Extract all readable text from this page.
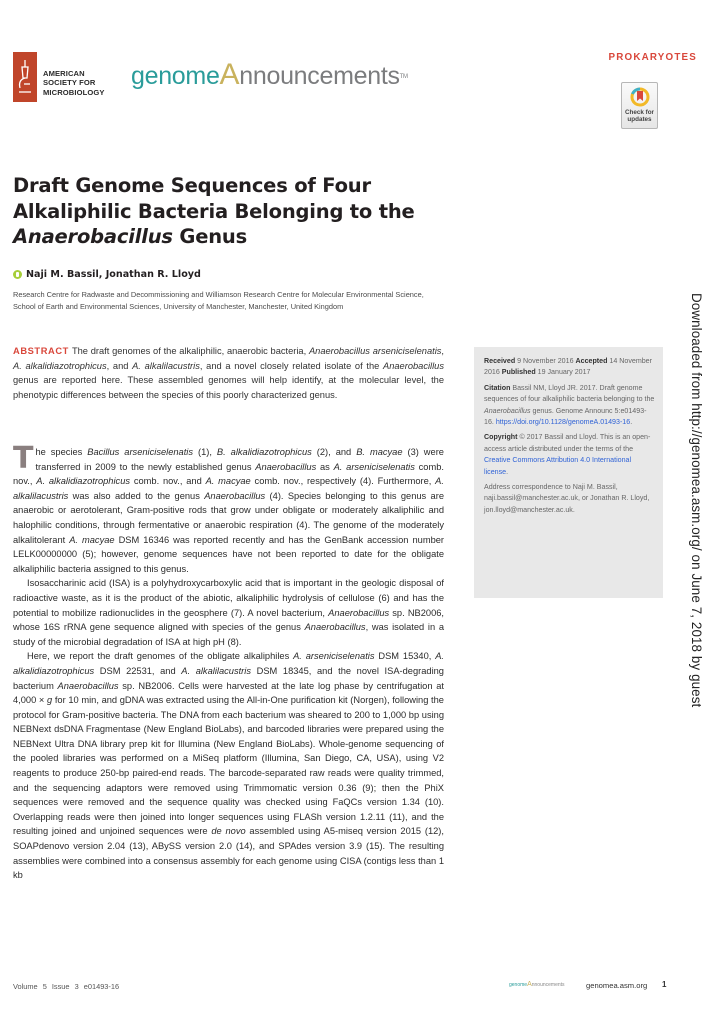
AMERICAN
SOCIETY FOR
MICROBIOLOGY
genomeAnnouncements™
PROKARYOTES
Check for
updates
Draft Genome Sequences of Four
Alkaliphilic Bacteria Belonging to the
Anaerobacillus Genus
Naji M. Bassil, Jonathan R. Lloyd
Research Centre for Radwaste and Decommissioning and Williamson Research Centre for Molecular Environmental Science, School of Earth and Environmental Sciences, University of Manchester, Manchester, United Kingdom
ABSTRACT The draft genomes of the alkaliphilic, anaerobic bacteria, Anaerobacillus arseniciselenatis, A. alkalidiazotrophicus, and A. alkalilacustris, and a novel closely related isolate of the Anaerobacillus genus are reported here. These assembled genomes will help identify, at the molecular level, the phenotypic differences between the species of this poorly characterized genus.

Received 9 November 2016 Accepted 14 November 2016 Published 19 January 2017

Citation Bassil NM, Lloyd JR. 2017. Draft genome sequences of four alkaliphilic bacteria belonging to the Anaerobacillus genus. Genome Announc 5:e01493-16. https://doi.org/10.1128/genomeA.01493-16.

Copyright © 2017 Bassil and Lloyd. This is an open-access article distributed under the terms of the Creative Commons Attribution 4.0 International license.

Address correspondence to Naji M. Bassil, naji.bassil@manchester.ac.uk, or Jonathan R. Lloyd, jon.lloyd@manchester.ac.uk.

The species Bacillus arseniciselenatis (1), B. alkalidiazotrophicus (2), and B. macyae (3) were transferred in 2009 to the newly established genus Anaerobacillus as A. arseniciselenatis comb. nov., A. alkalidiazotrophicus comb. nov., and A. macyae comb. nov., respectively (4). Furthermore, A. alkalilacustris was also added to the genus Anaerobacillus (4). Species belonging to this genus are anaerobic or aerotolerant, Gram-positive rods that grow under obligate or moderately alkaliphilic and halophilic conditions, through fermentative or anaerobic respiration (4). The genome of the moderately alkalitolerant A. macyae DSM 16346 was reported recently and has the GenBank accession number LELK00000000 (5); however, genome sequences have not been reported to date for the obligate alkaliphilic bacteria assigned to this genus.

Isosaccharinic acid (ISA) is a polyhydroxycarboxylic acid that is important in the geologic disposal of radioactive waste, as it is the product of the abiotic, alkaliphilic hydrolysis of cellulose (6) and has the potential to mobilize radionuclides in the geosphere (7). A novel bacterium, Anaerobacillus sp. NB2006, whose 16S rRNA gene sequence aligned with species of the genus Anaerobacillus, was isolated in a study of the microbial degradation of ISA at high pH (8).

Here, we report the draft genomes of the obligate alkaliphiles A. arseniciselenatis DSM 15340, A. alkalidiazotrophicus DSM 22531, and A. alkalilacustris DSM 18345, and the novel ISA-degrading bacterium Anaerobacillus sp. NB2006. Cells were harvested at the late log phase by centrifugation at 4,000 × g for 10 min, and gDNA was extracted using the All-in-One purification kit (Norgen), following the protocol for Gram-positive bacteria. The DNA from each bacterium was sheared to 200 to 1,000 bp using NEBNext dsDNA Fragmentase (New England BioLabs), and barcoded libraries were prepared using the NEBNext Ultra DNA library prep kit for Illumina (New England BioLabs). Whole-genome sequencing of the pooled libraries was performed on a MiSeq platform (Illumina, San Diego, CA, USA), using V2 reagents to produce 250-bp paired-end reads. The barcode-separated raw reads were quality trimmed, and the sequencing adaptors were removed using Trimmomatic version 0.36 (9); then the PhiX sequences were removed and the sequence quality was checked using FaQCs version 1.34 (10). Overlapping reads were then joined into longer sequences using FLASh version 1.2.11 (11), and the resulting joined and unjoined sequences were de novo assembled using A5-miseq version 2015 (12), SOAPdenovo version 2.04 (13), ABySS version 2.0 (14), and SPAdes version 3.9 (15). The resulting assemblies were combined into a consensus assembly for each genome using CISA (contigs less than 1 kb

Volume 5 Issue 3 e01493-16	genomeAnnouncements	genomea.asm.org 1
Downloaded from http://genomea.asm.org/ on June 7, 2018 by guest
